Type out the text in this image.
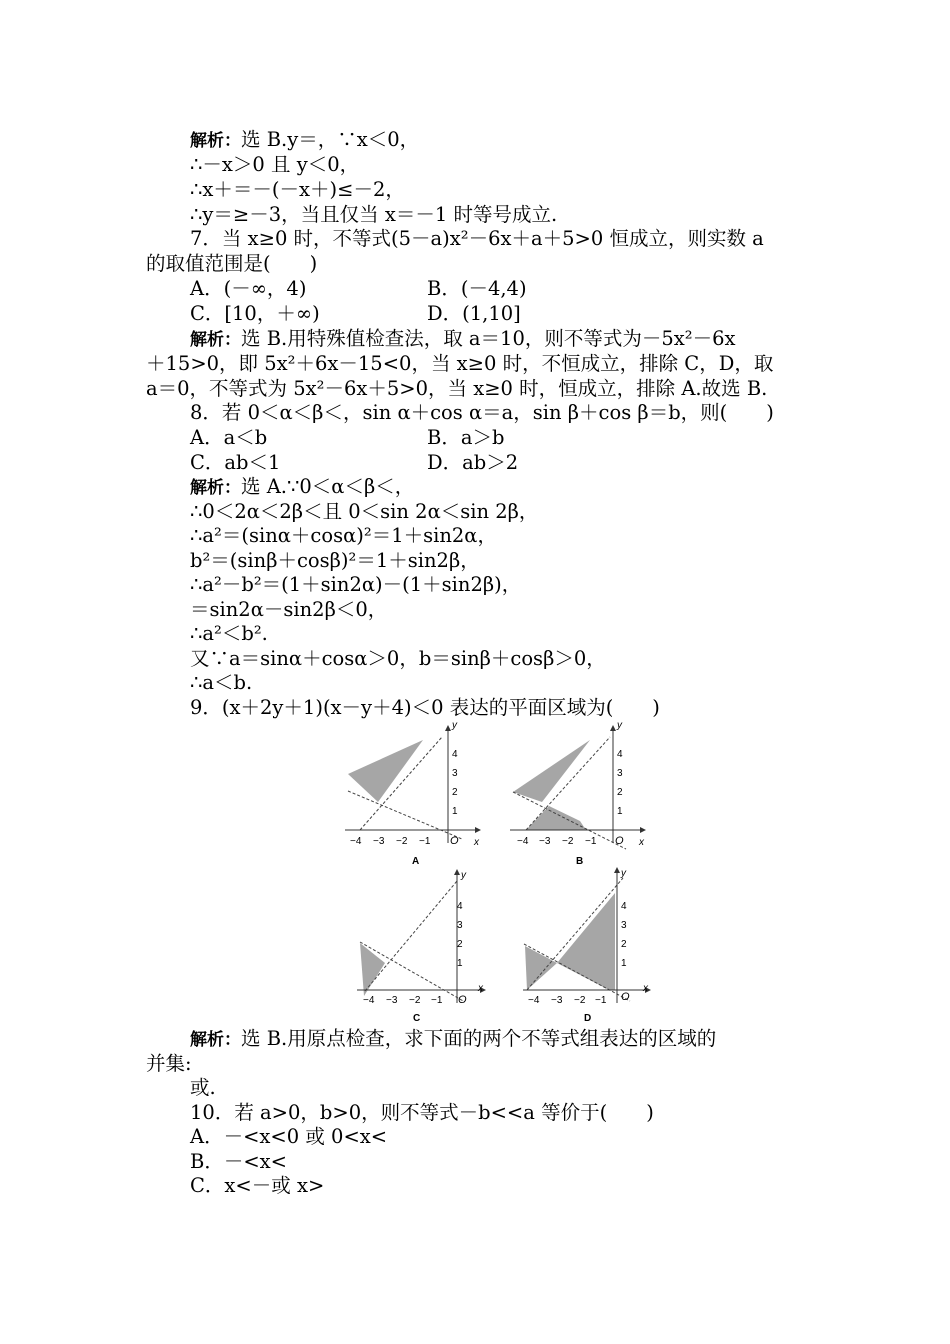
解析：选 B.y＝，∵x＜0，
∴－x＞0 且 y＜0，
∴x＋＝－(－x＋)≤－2，
∴y＝≥－3，当且仅当 x＝－1 时等号成立.
7．当 x≥0 时，不等式(5－a)x²－6x＋a＋5>0 恒成立，则实数 a
的取值范围是(　　)
A．(－∞，4)	B．(－4,4)
C．[10，＋∞)	D．(1,10]
解析：选 B.用特殊值检查法，取 a＝10，则不等式为－5x²－6x
＋15>0，即 5x²＋6x－15<0，当 x≥0 时，不恒成立，排除 C，D，取
a＝0，不等式为 5x²－6x＋5>0，当 x≥0 时，恒成立，排除 A.故选 B.
8．若 0＜α＜β＜，sin α＋cos α＝a，sin β＋cos β＝b，则(　　)
A．a＜b	B．a＞b
C．ab＜1	D．ab＞2
解析：选 A.∵0＜α＜β＜，
∴0＜2α＜2β＜且 0＜sin 2α＜sin 2β，
∴a²＝(sinα＋cosα)²＝1＋sin2α，
b²＝(sinβ＋cosβ)²＝1＋sin2β，
∴a²－b²＝(1＋sin2α)－(1＋sin2β)，
＝sin2α－sin2β＜0，
∴a²＜b².
又∵a＝sinα＋cosα＞0，b＝sinβ＋cosβ＞0，
∴a＜b.
9．(x＋2y＋1)(x－y＋4)＜0 表达的平面区域为(　　)
x
y
O
−4 −3 −2 −1
1
2
3
4
A
x
y
O
−4 −3 −2 −1
1
2
3
4
B
x
y
O
−4 −3 −2 −1
1
2
3
4
C
x
y
O
−4 −3 −2 −1
1
2
3
4
D
解析：选 B.用原点检查，求下面的两个不等式组表达的区域的
并集:
或.
10．若 a>0，b>0，则不等式－b<<a 等价于(　　)
A．－<x<0 或 0<x<
B．－<x<
C．x<－或 x>
